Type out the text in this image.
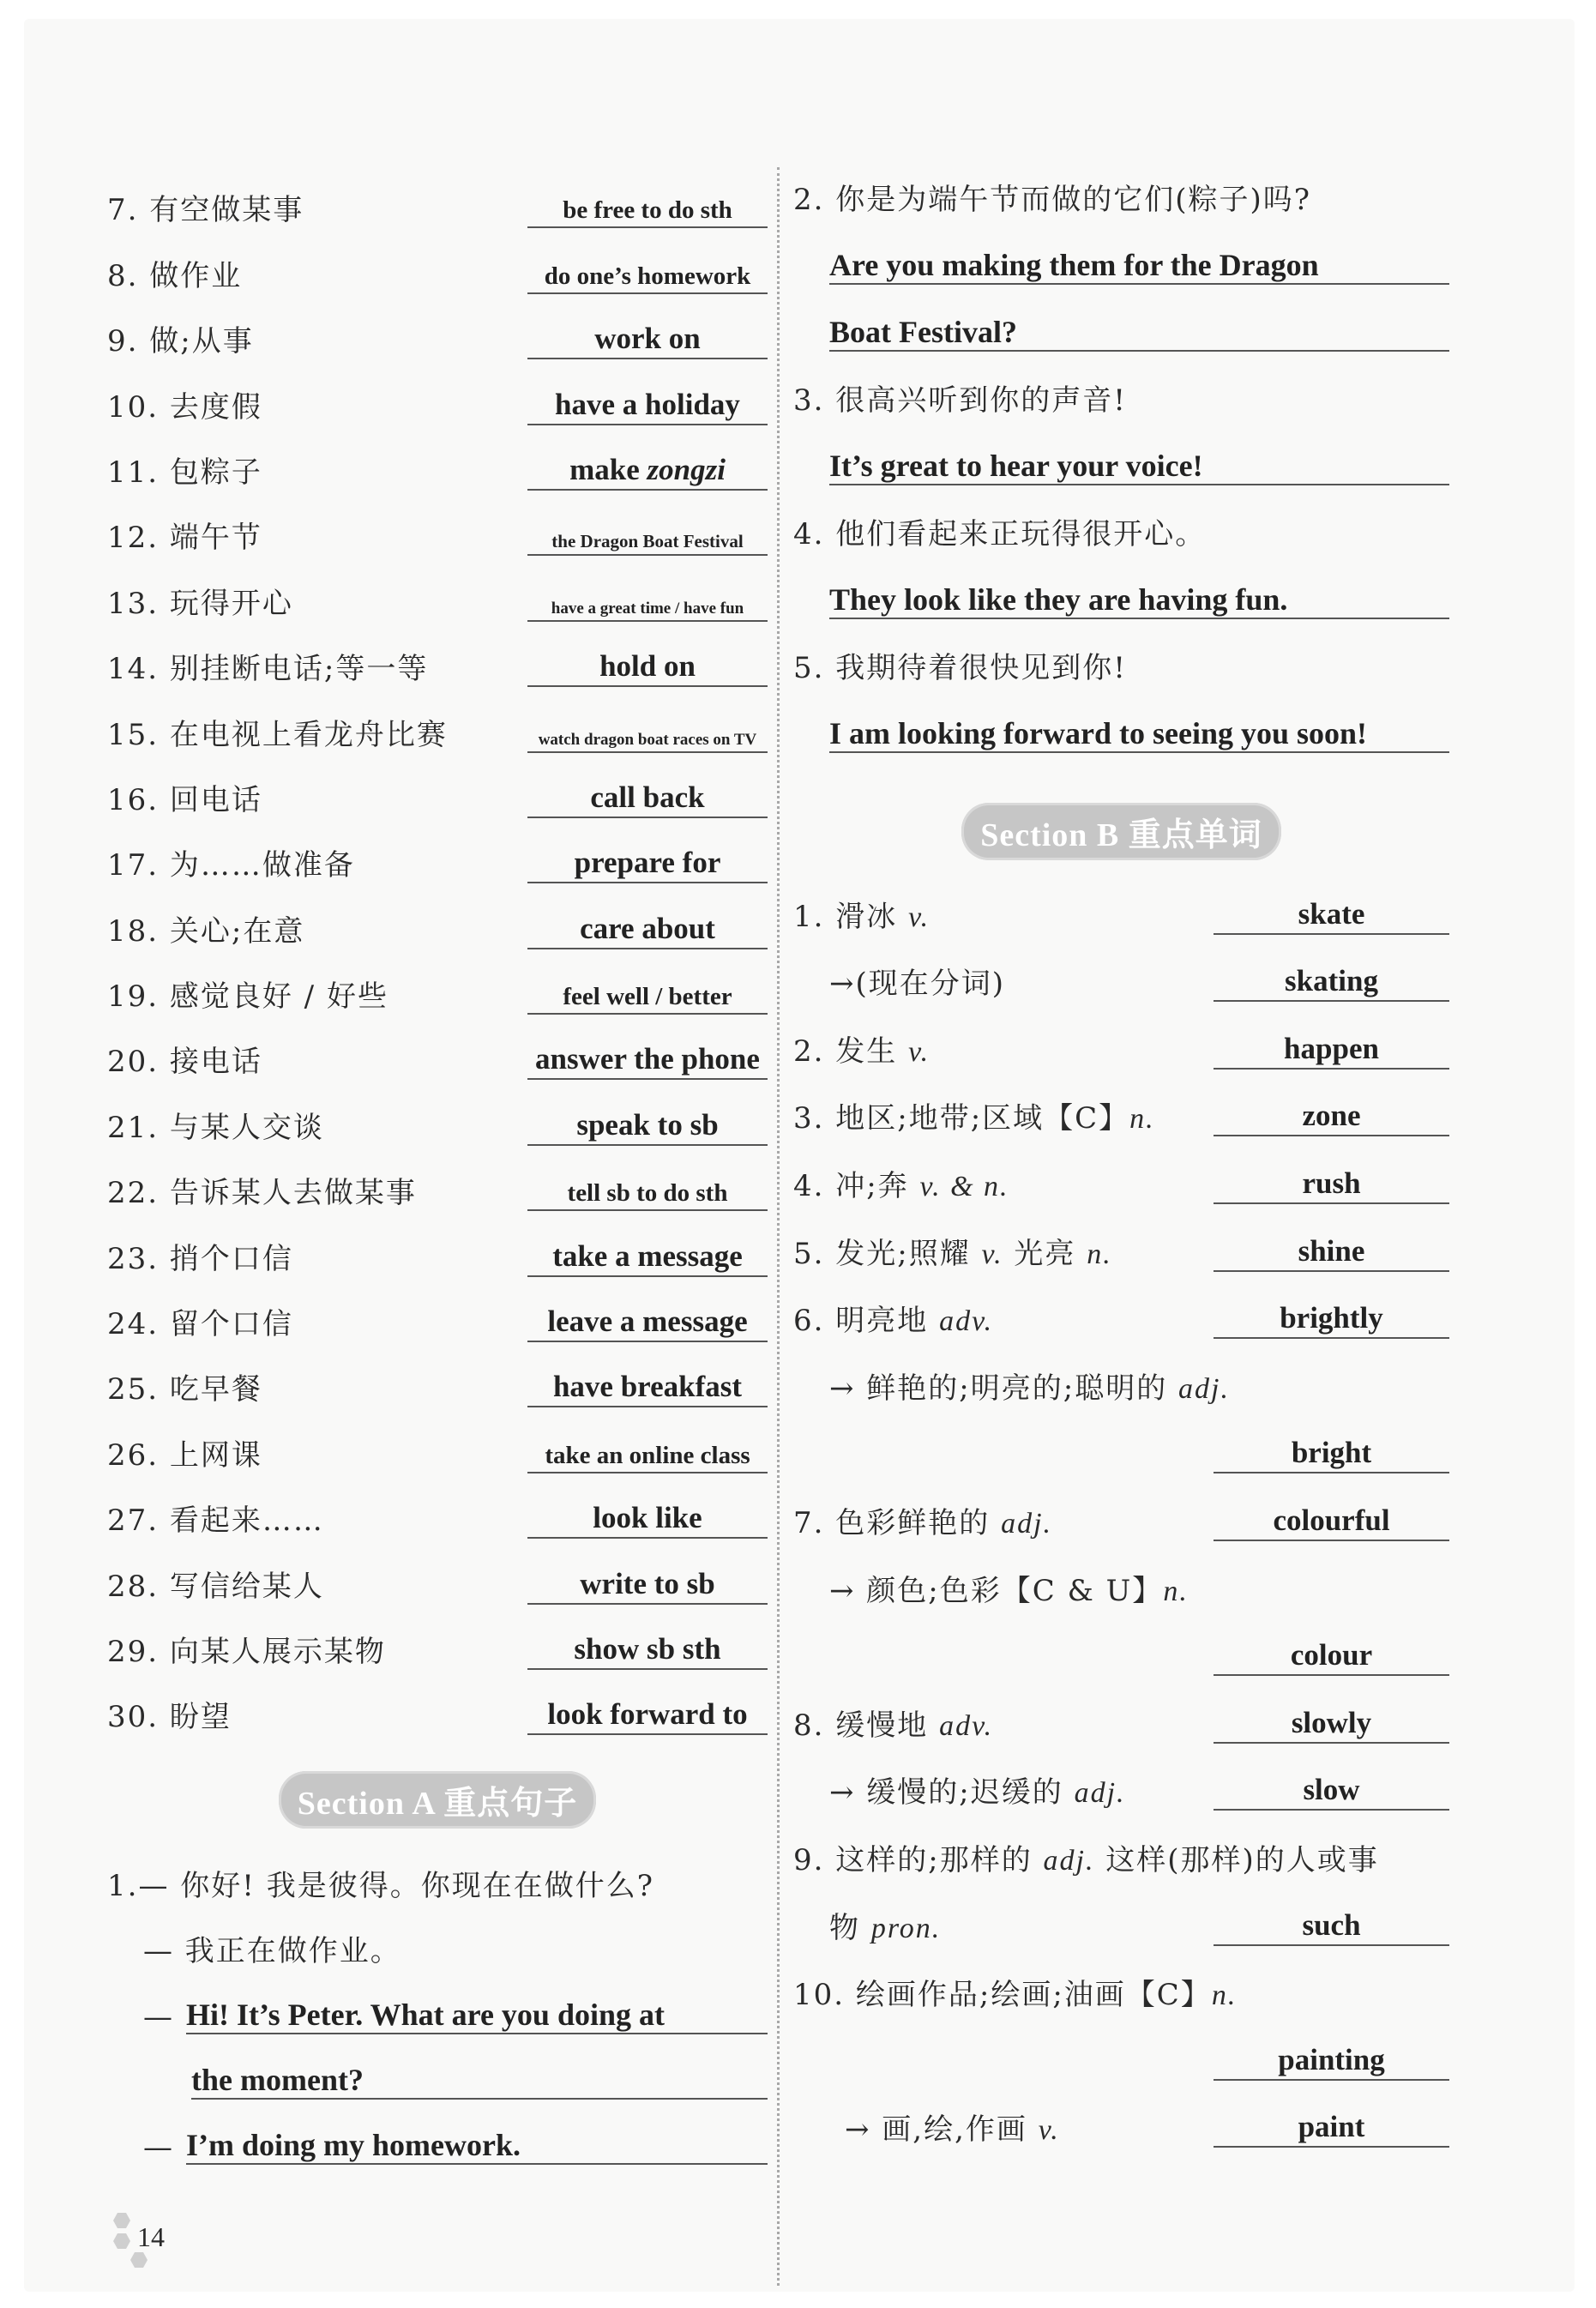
7. 有空做某事	be free to do sth
8. 做作业	do one’s homework
9. 做;从事	work on
10. 去度假	have a holiday
11. 包粽子	make zongzi
12. 端午节	the Dragon Boat Festival
13. 玩得开心	have a great time / have fun
14. 别挂断电话;等一等	hold on
15. 在电视上看龙舟比赛	watch dragon boat races on TV
16. 回电话	call back
17. 为……做准备	prepare for
18. 关心;在意	care about
19. 感觉良好 / 好些	feel well / better
20. 接电话	answer the phone
21. 与某人交谈	speak to sb
22. 告诉某人去做某事	tell sb to do sth
23. 捎个口信	take a message
24. 留个口信	leave a message
25. 吃早餐	have breakfast
26. 上网课	take an online class
27. 看起来……	look like
28. 写信给某人	write to sb
29. 向某人展示某物	show sb sth
30. 盼望	look forward to
Section A 重点句子
1.— 你好! 我是彼得。你现在在做什么?
— 我正在做作业。
— Hi! It’s Peter. What are you doing at
the moment?
— I’m doing my homework.
2. 你是为端午节而做的它们(粽子)吗?
Are you making them for the Dragon
Boat Festival?
3. 很高兴听到你的声音!
It’s great to hear your voice!
4. 他们看起来正玩得很开心。
They look like they are having fun.
5. 我期待着很快见到你!
I am looking forward to seeing you soon!
Section B 重点单词
1. 滑冰 v.	skate
→(现在分词)	skating
2. 发生 v.	happen
3. 地区;地带;区域【C】n.	zone
4. 冲;奔 v. & n.	rush
5. 发光;照耀 v. 光亮 n.	shine
6. 明亮地 adv.	brightly
→ 鲜艳的;明亮的;聪明的 adj.
bright
7. 色彩鲜艳的 adj.	colourful
→ 颜色;色彩【C & U】n.
colour
8. 缓慢地 adv.	slowly
→ 缓慢的;迟缓的 adj.	slow
9. 这样的;那样的 adj. 这样(那样)的人或事
物 pron.	such
10. 绘画作品;绘画;油画【C】n.
painting
→ 画,绘,作画 v.	paint
14
